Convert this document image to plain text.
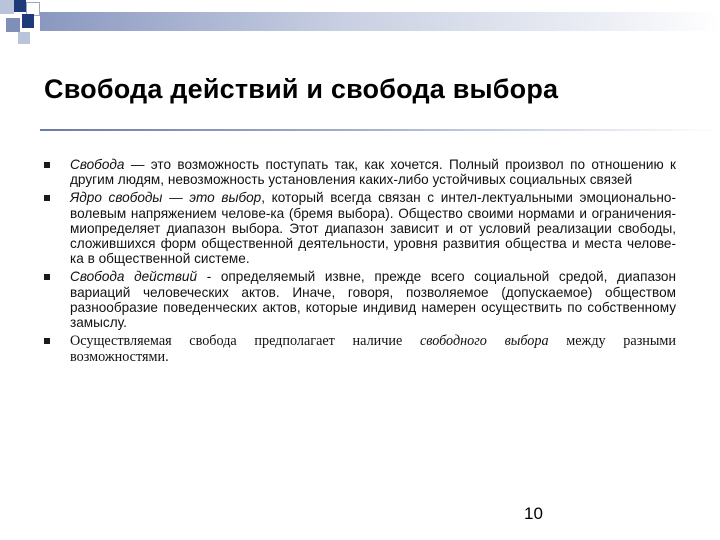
Свобода действий и свобода выбора
Свобода — это возможность поступать так, как хочется. Полный произвол по отношению к другим людям, невозможность установления каких-либо устойчивых социальных связей
Ядро свободы — это выбор, который всегда связан с интел-лектуальными эмоционально-волевым напряжением челове-ка (бремя выбора). Общество своими нормами и ограничения-миопределяет диапазон выбора. Этот диапазон зависит и от условий реализации свободы, сложившихся форм общественной деятельности, уровня развития общества и места челове-ка в общественной системе.
Свобода действий - определяемый извне, прежде всего социальной средой, диапазон вариаций человеческих актов. Иначе, говоря, позволяемое (допускаемое) обществом разнообразие поведенческих актов, которые индивид намерен осуществить по собственному замыслу.
Осуществляемая свобода предполагает наличие свободного выбора между разными возможностями.
10
